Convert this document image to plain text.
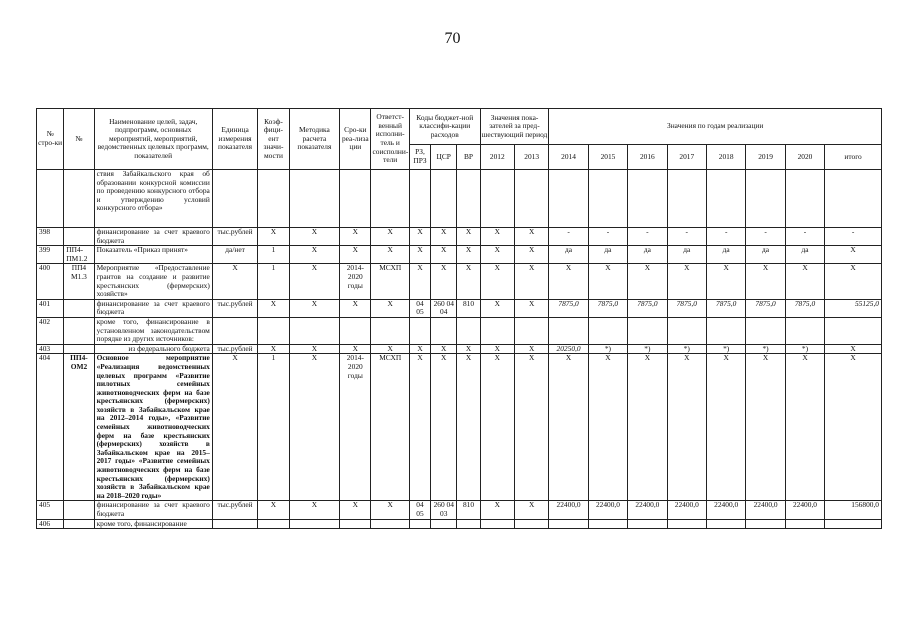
70
№ стро-ки	№	Наименование целей, задач, подпрограмм, основных мероприятий, мероприятий, ведомственных целевых программ, показателей	Единица измерения показателя	Коэф-фици-ент значи-мости	Методика расчета показателя	Сро-ки реа-лиза ции	Ответст-венный исполни-тель и соисполни-тели	Коды бюджет-ной классифи-кации расходов			Значения пока-зателей за пред-шествующий период		Значения по годам реализации							
								РЗ, ПРЗ	ЦСР	ВР	2012	2013	2014	2015	2016	2017	2018	2019	2020	итого
		ствия Забайкальского края об образовании конкурсной комиссии по проведению конкурсного отбора и утверждению условий конкурсного отбора»																		
398		финансирование за счет краевого бюджета	тыс.рублей	X	X	X	X	X	X	X	X	X	-	-	-	-	-	-	-	-
399	ПП4-ПМ1.2	Показатель «Приказ принят»	да/нет	1	X	X	X	X	X	X	X	X	да	да	да	да	да	да	да	X
400	ПП4 М1.3	Мероприятие «Предоставление грантов на создание и развитие крестьянских (фермерских) хозяйств»	X	1	X	2014-2020 годы	МСХП	X	X	X	X	X	X	X	X	X	X	X	X	X
401		финансирование за счет краевого бюджета	тыс.рублей	X	X	X	X	04 05	260 04 04	810	X	X	7875,0	7875,0	7875,0	7875,0	7875,0	7875,0	7875,0	55125,0
402		кроме того, финансирование в установленном законодательством порядке из других источников:																		
403		из федерального бюджета	тыс.рублей	X	X	X	X	X	X	X	X	X	20250,0	*)	*)	*)	*)	*)	*)	X
404	ПП4-ОМ2	Основное мероприятие «Реализация ведомственных целевых программ «Развитие пилотных семейных животноводческих ферм на базе крестьянских (фермерских) хозяйств в Забайкальском крае на 2012–2014 годы», «Развитие семейных животноводческих ферм на базе крестьянских (фермерских) хозяйств в Забайкальском крае на 2015–2017 годы» «Развитие семейных животноводческих ферм на базе крестьянских (фермерских) хозяйств в Забайкальском крае на 2018–2020 годы»	X	1	X	2014-2020 годы	МСХП	X	X	X	X	X	X	X	X	X	X	X	X	X
405		финансирование за счет краевого бюджета	тыс.рублей	X	X	X	X	04 05	260 04 03	810	X	X	22400,0	22400,0	22400,0	22400,0	22400,0	22400,0	22400,0	156800,0
406		кроме того, финансирование																		
